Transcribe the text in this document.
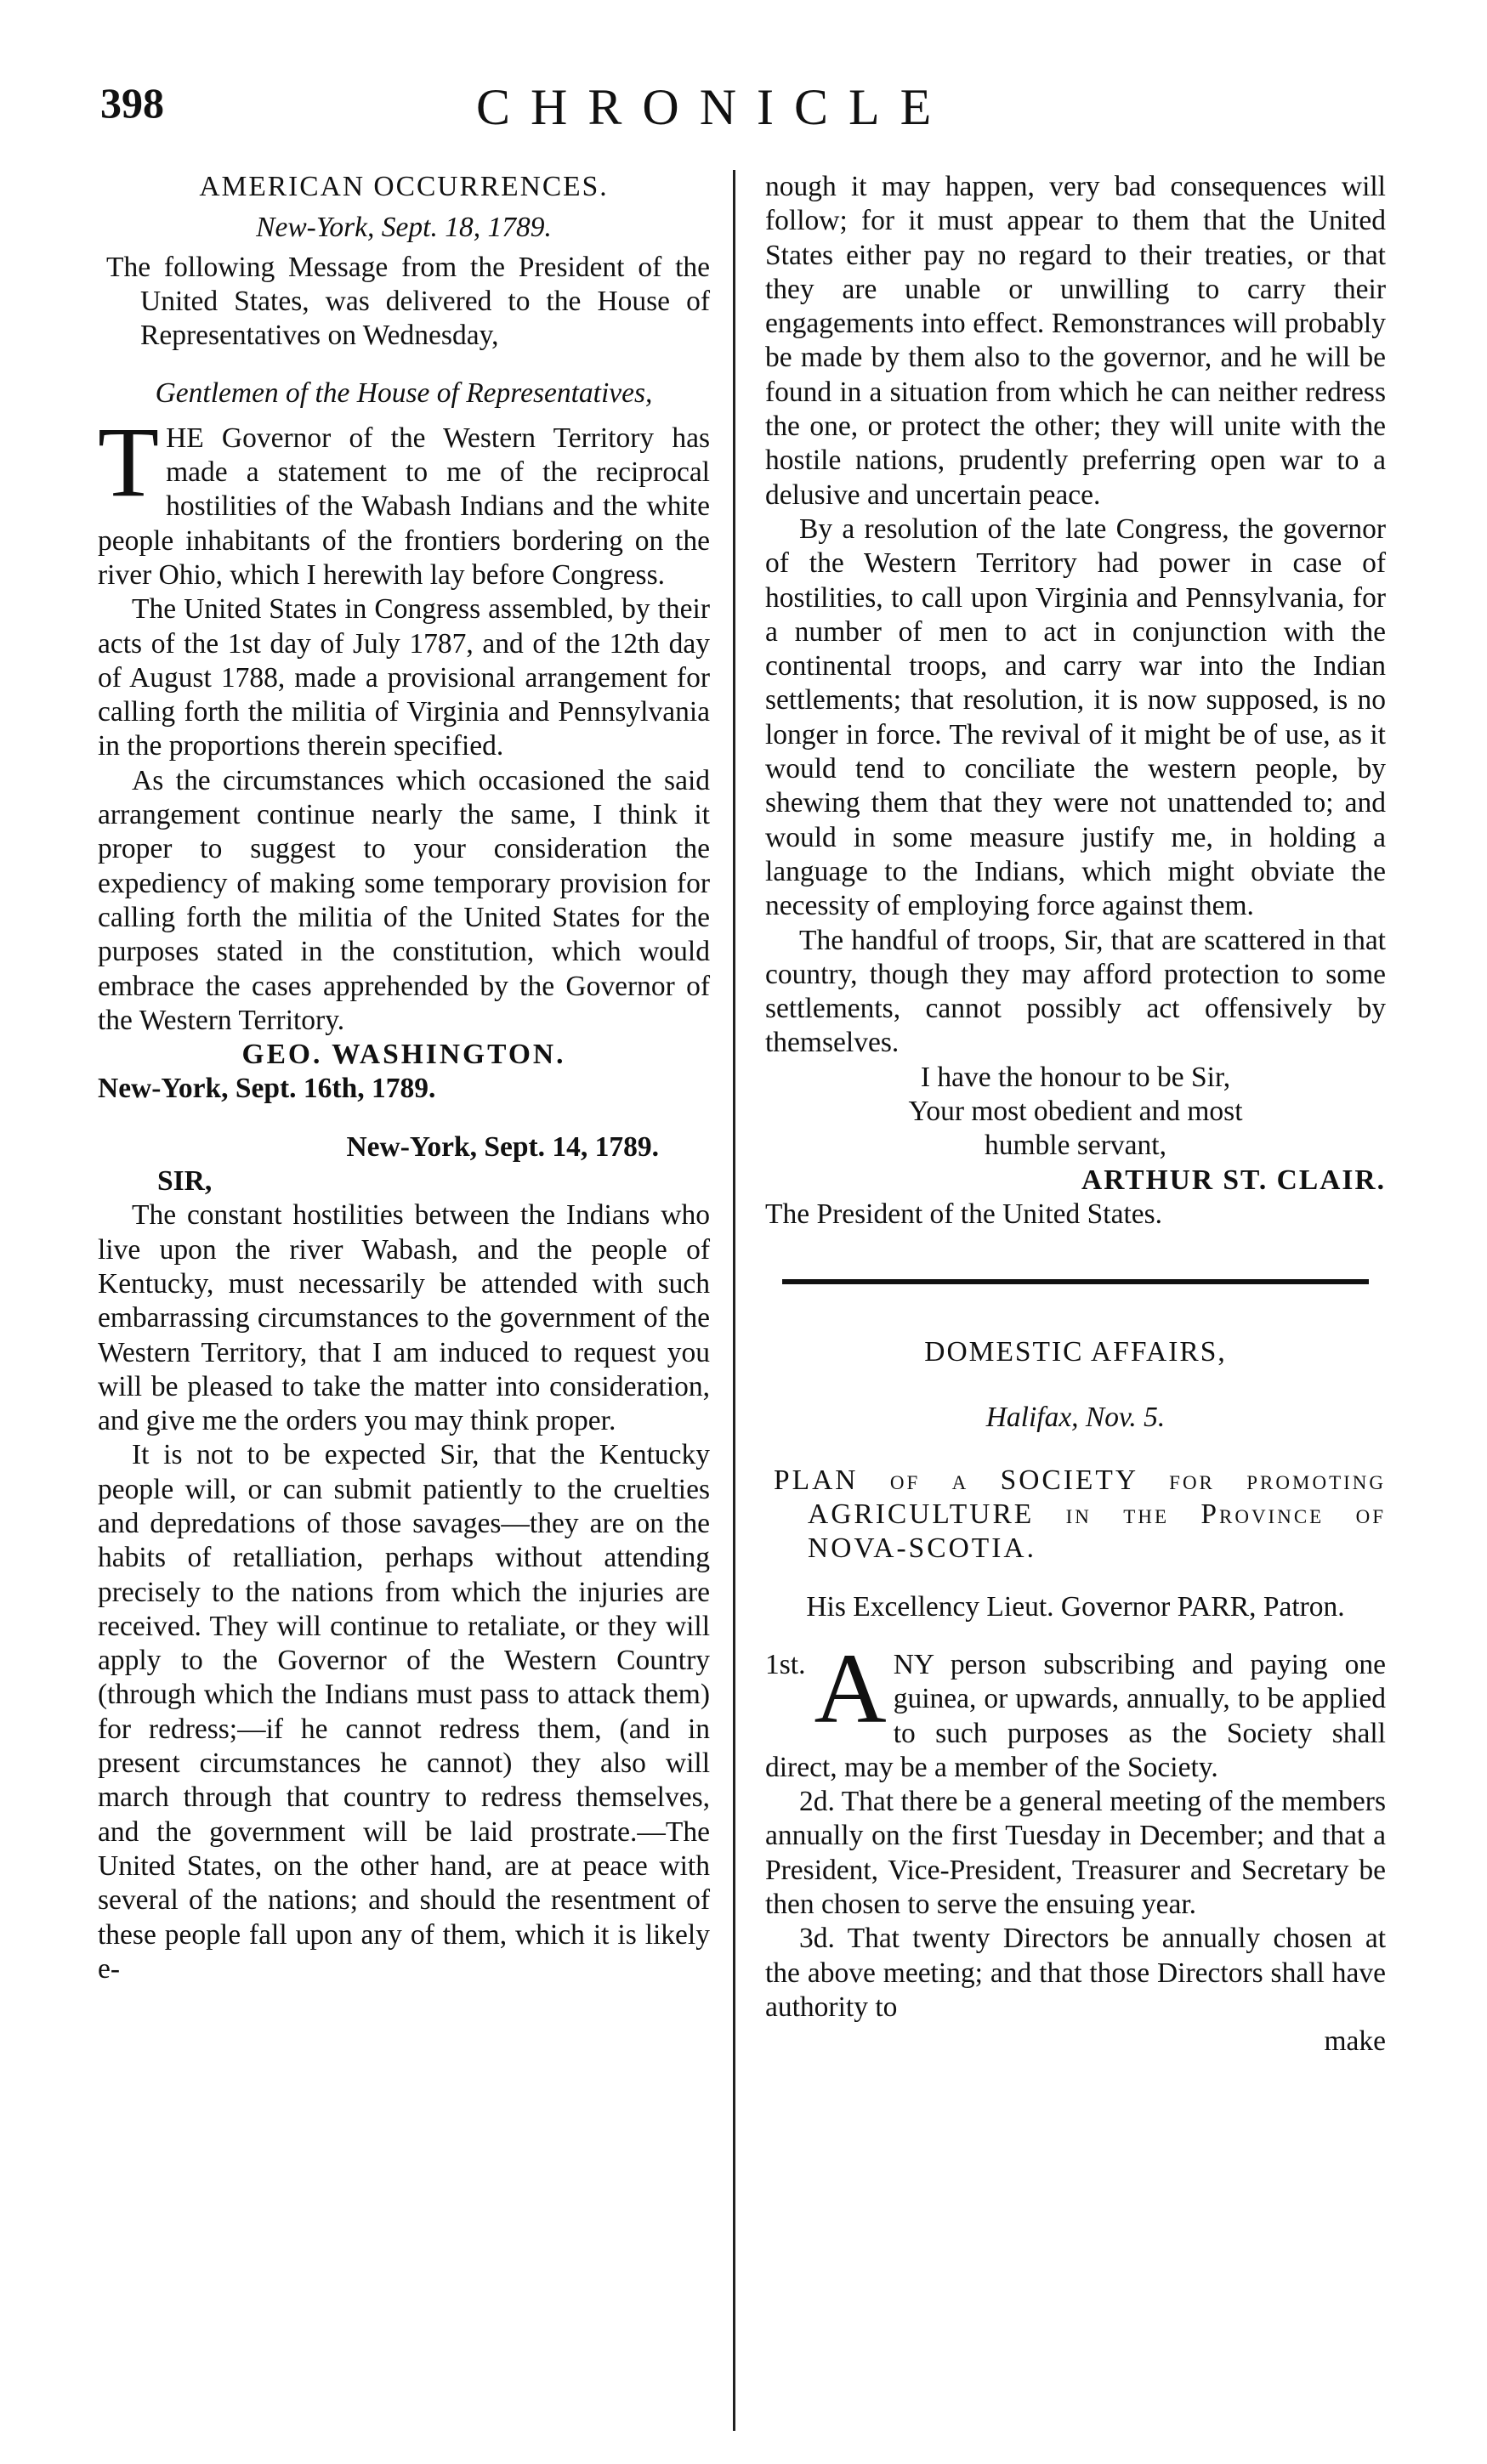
398	CHRONICLE
AMERICAN OCCURRENCES.
New-York, Sept. 18, 1789.

The following Message from the President of the United States, was delivered to the House of Representatives on Wednesday,

Gentlemen of the House of Representatives,

THE Governor of the Western Territory has made a statement to me of the reciprocal hostilities of the Wabash Indians and the white people inhabitants of the frontiers bordering on the river Ohio, which I herewith lay before Congress.

The United States in Congress assembled, by their acts of the 1st day of July 1787, and of the 12th day of August 1788, made a provisional arrangement for calling forth the militia of Virginia and Pennsylvania in the proportions therein specified.

As the circumstances which occasioned the said arrangement continue nearly the same, I think it proper to suggest to your consideration the expediency of making some temporary provision for calling forth the militia of the United States for the purposes stated in the constitution, which would embrace the cases apprehended by the Governor of the Western Territory.

GEO. WASHINGTON.

New-York, Sept. 16th, 1789.

New-York, Sept. 14, 1789.

SIR,

The constant hostilities between the Indians who live upon the river Wabash, and the people of Kentucky, must necessarily be attended with such embarrassing circumstances to the government of the Western Territory, that I am induced to request you will be pleased to take the matter into consideration, and give me the orders you may think proper.

It is not to be expected Sir, that the Kentucky people will, or can submit patiently to the cruelties and depredations of those savages—they are on the habits of retalliation, perhaps without attending precisely to the nations from which the injuries are received. They will continue to retaliate, or they will apply to the Governor of the Western Country (through which the Indians must pass to attack them) for redress;—if he cannot redress them, (and in present circumstances he cannot) they also will march through that country to redress themselves, and the government will be laid prostrate.—The United States, on the other hand, are at peace with several of the nations; and should the resentment of these people fall upon any of them, which it is likely e-

nough it may happen, very bad consequences will follow; for it must appear to them that the United States either pay no regard to their treaties, or that they are unable or unwilling to carry their engagements into effect. Remonstrances will probably be made by them also to the governor, and he will be found in a situation from which he can neither redress the one, or protect the other; they will unite with the hostile nations, prudently preferring open war to a delusive and uncertain peace.

By a resolution of the late Congress, the governor of the Western Territory had power in case of hostilities, to call upon Virginia and Pennsylvania, for a number of men to act in conjunction with the continental troops, and carry war into the Indian settlements; that resolution, it is now supposed, is no longer in force. The revival of it might be of use, as it would tend to conciliate the western people, by shewing them that they were not unattended to; and would in some measure justify me, in holding a language to the Indians, which might obviate the necessity of employing force against them.

The handful of troops, Sir, that are scattered in that country, though they may afford protection to some settlements, cannot possibly act offensively by themselves.

I have the honour to be Sir,

Your most obedient and most

humble servant,

ARTHUR ST. CLAIR.

The President of the United States.

DOMESTIC AFFAIRS,
Halifax, Nov. 5.

PLAN of a SOCIETY for promoting AGRICULTURE in the Province of NOVA-SCOTIA.

His Excellency Lieut. Governor PARR, Patron.

1st. A NY person subscribing and paying one guinea, or upwards, annually, to be applied to such purposes as the Society shall direct, may be a member of the Society.

2d. That there be a general meeting of the members annually on the first Tuesday in December; and that a President, Vice-President, Treasurer and Secretary be then chosen to serve the ensuing year.

3d. That twenty Directors be annually chosen at the above meeting; and that those Directors shall have authority to

make
